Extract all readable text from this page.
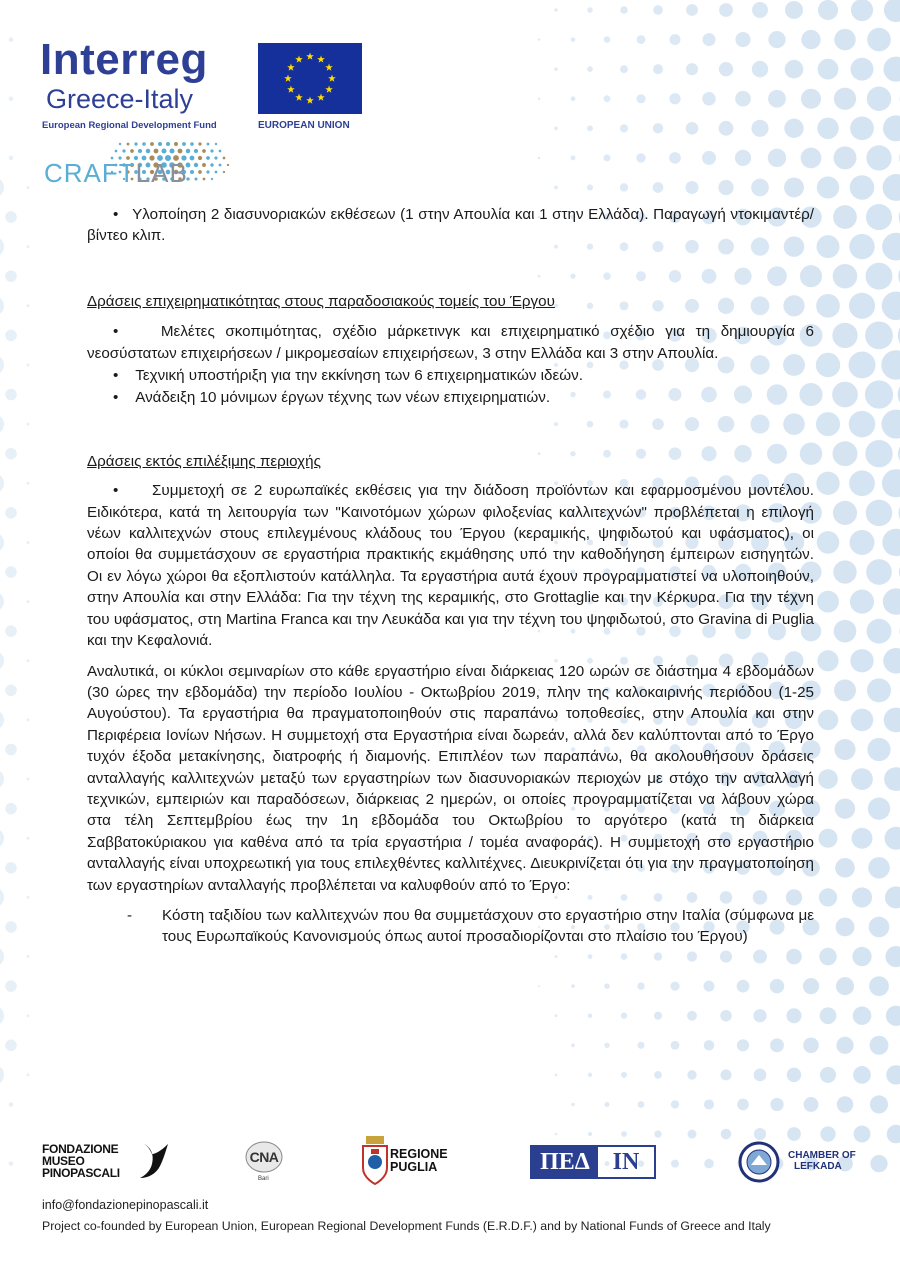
Interreg
Greece-Italy
European Regional Development Fund	EUROPEAN UNION
CRAFTLAB

• Υλοποίηση 2 διασυνοριακών εκθέσεων (1 στην Απουλία και 1 στην Ελλάδα). Παραγωγή ντοκιμαντέρ/ βίντεο κλιπ.

Δράσεις επιχειρηματικότητας στους παραδοσιακούς τομείς του Έργου

•	Μελέτες σκοπιμότητας, σχέδιο μάρκετινγκ και επιχειρηματικό σχέδιο για τη δημιουργία 6 νεοσύστατων επιχειρήσεων / μικρομεσαίων επιχειρήσεων, 3 στην Ελλάδα και 3 στην Απουλία.

• Τεχνική υποστήριξη για την εκκίνηση των 6 επιχειρηματικών ιδεών.

• Ανάδειξη 10 μόνιμων έργων τέχνης των νέων επιχειρηματιών.

Δράσεις εκτός επιλέξιμης περιοχής

• Συμμετοχή σε 2 ευρωπαϊκές εκθέσεις για την διάδοση προϊόντων και εφαρμοσμένου μοντέλου. Ειδικότερα, κατά τη λειτουργία των "Καινοτόμων χώρων φιλοξενίας καλλιτεχνών" προβλέπεται η επιλογή νέων καλλιτεχνών στους επιλεγμένους κλάδους του Έργου (κεραμικής, ψηφιδωτού και υφάσματος), οι οποίοι θα συμμετάσχουν σε εργαστήρια πρακτικής εκμάθησης υπό την καθοδήγηση έμπειρων εισηγητών. Οι εν λόγω χώροι θα εξοπλιστούν κατάλληλα. Τα εργαστήρια αυτά έχουν προγραμματιστεί να υλοποιηθούν, στην Απουλία και στην Ελλάδα: Για την τέχνη της κεραμικής, στο Grottaglie και την Κέρκυρα. Για την τέχνη του υφάσματος, στη Martina Franca και την Λευκάδα και για την τέχνη του ψηφιδωτού, στο Gravina di Puglia και την Κεφαλονιά.

Αναλυτικά, οι κύκλοι σεμιναρίων στο κάθε εργαστήριο είναι διάρκειας 120 ωρών σε διάστημα 4 εβδομάδων (30 ώρες την εβδομάδα) την περίοδο Ιουλίου - Οκτωβρίου 2019, πλην της καλοκαιρινής περιόδου (1-25 Αυγούστου). Τα εργαστήρια θα πραγματοποιηθούν στις παραπάνω τοποθεσίες, στην Απουλία και στην Περιφέρεια Ιονίων Νήσων. Η συμμετοχή στα Εργαστήρια είναι δωρεάν, αλλά δεν καλύπτονται από το Έργο τυχόν έξοδα μετακίνησης, διατροφής ή διαμονής. Επιπλέον των παραπάνω, θα ακολουθήσουν δράσεις ανταλλαγής καλλιτεχνών μεταξύ των εργαστηρίων των διασυνοριακών περιοχών με στόχο την ανταλλαγή τεχνικών, εμπειριών και παραδόσεων, διάρκειας 2 ημερών, οι οποίες προγραμματίζεται να λάβουν χώρα στα τέλη Σεπτεμβρίου έως την 1η εβδομάδα του Οκτωβρίου το αργότερο (κατά τη διάρκεια Σαββατοκύριακου για καθένα από τα τρία εργαστήρια / τομέα αναφοράς). Η συμμετοχή στο εργαστήριο ανταλλαγής είναι υποχρεωτική για τους επιλεχθέντες καλλιτέχνες. Διευκρινίζεται ότι για την πραγματοποίηση των εργαστηρίων ανταλλαγής προβλέπεται να καλυφθούν από το Έργο:

- Κόστη ταξιδίου των καλλιτεχνών που θα συμμετάσχουν στο εργαστήριο στην Ιταλία (σύμφωνα με τους Ευρωπαϊκούς Κανονισμούς όπως αυτοί προσαδιορίζονται στο πλαίσιο του Έργου)
FONDAZIONE
MUSEO
PINOPASCALI
CNA
Bari
REGIONE
PUGLIA	ΠΕΔ ΙΝ	CHAMBER OF
LEFKADA
info@fondazionepinopascali.it
Project co-founded by European Union, European Regional Development Funds (E.R.D.F.) and by National Funds of Greece and Italy
